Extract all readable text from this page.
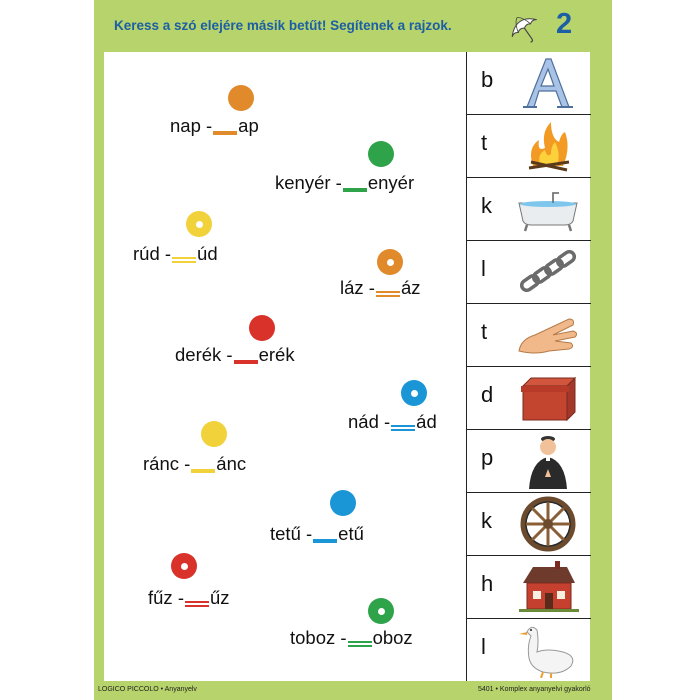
Keress a szó elejére másik betűt! Segítenek a rajzok.	2
nap - ap
kenyér - enyér
rúd - úd
láz - áz
derék - erék
nád - ád
ránc - ánc
tetű - etű
fűz - űz
toboz - oboz
b
t
k
l
t
d
p
k
h
l
LOGICO PICCOLO • Anyanyelv	5401 • Komplex anyanyelvi gyakorló
